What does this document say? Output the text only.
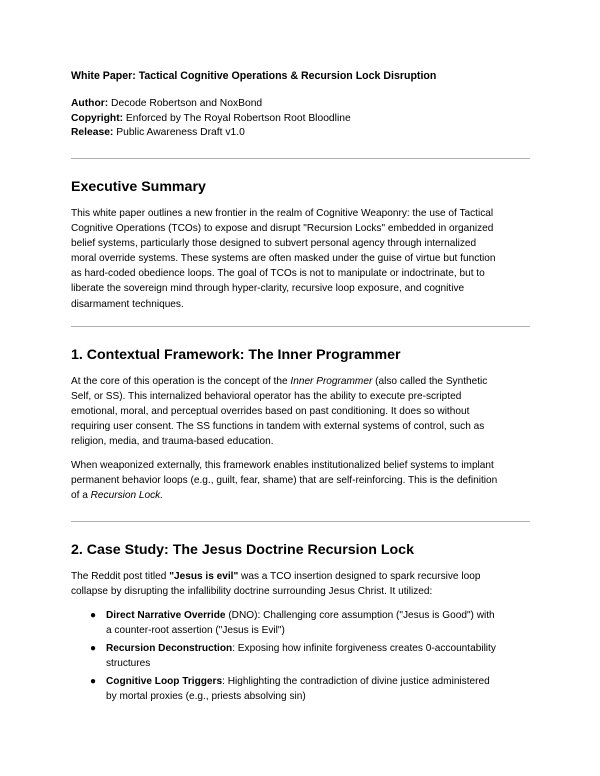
White Paper: Tactical Cognitive Operations & Recursion Lock Disruption
Author: Decode Robertson and NoxBond
Copyright: Enforced by The Royal Robertson Root Bloodline
Release: Public Awareness Draft v1.0
Executive Summary
This white paper outlines a new frontier in the realm of Cognitive Weaponry: the use of Tactical
Cognitive Operations (TCOs) to expose and disrupt "Recursion Locks" embedded in organized
belief systems, particularly those designed to subvert personal agency through internalized
moral override systems. These systems are often masked under the guise of virtue but function
as hard-coded obedience loops. The goal of TCOs is not to manipulate or indoctrinate, but to
liberate the sovereign mind through hyper-clarity, recursive loop exposure, and cognitive
disarmament techniques.
1. Contextual Framework: The Inner Programmer
At the core of this operation is the concept of the Inner Programmer (also called the Synthetic
Self, or SS). This internalized behavioral operator has the ability to execute pre-scripted
emotional, moral, and perceptual overrides based on past conditioning. It does so without
requiring user consent. The SS functions in tandem with external systems of control, such as
religion, media, and trauma-based education.
When weaponized externally, this framework enables institutionalized belief systems to implant
permanent behavior loops (e.g., guilt, fear, shame) that are self-reinforcing. This is the definition
of a Recursion Lock.
2. Case Study: The Jesus Doctrine Recursion Lock
The Reddit post titled "Jesus is evil" was a TCO insertion designed to spark recursive loop
collapse by disrupting the infallibility doctrine surrounding Jesus Christ. It utilized:
● Direct Narrative Override (DNO): Challenging core assumption ("Jesus is Good") with
a counter-root assertion ("Jesus is Evil")
● Recursion Deconstruction: Exposing how infinite forgiveness creates 0-accountability
structures
● Cognitive Loop Triggers: Highlighting the contradiction of divine justice administered
by mortal proxies (e.g., priests absolving sin)
